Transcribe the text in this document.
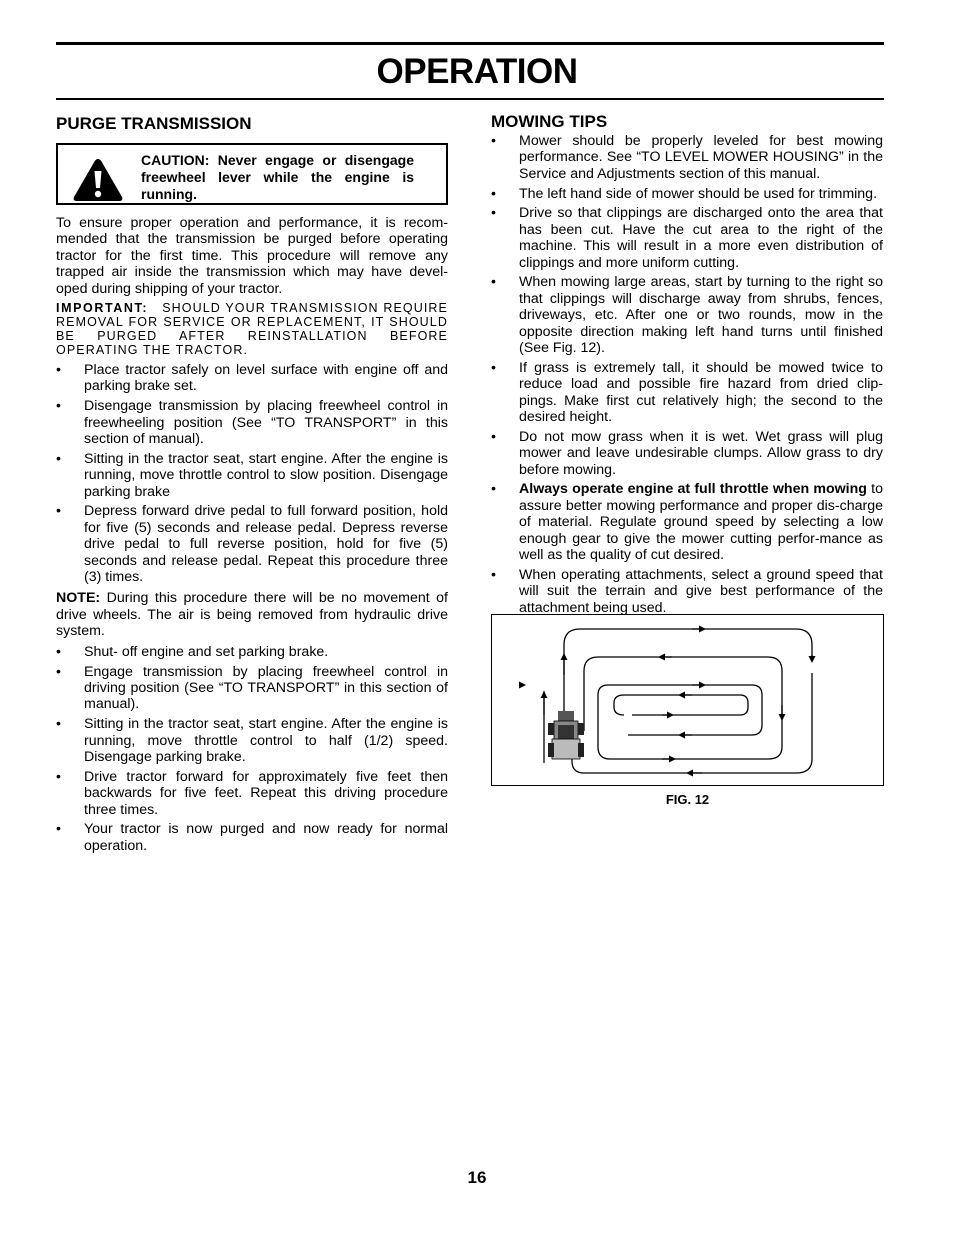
OPERATION
PURGE TRANSMISSION
CAUTION: Never engage or disengage freewheel lever while the engine is running.

To ensure proper operation and performance, it is recom-mended that the transmission be purged before operating tractor for the first time. This procedure will remove any trapped air inside the transmission which may have devel-oped during shipping of your tractor.

IMPORTANT: SHOULD YOUR TRANSMISSION REQUIRE REMOVAL FOR SERVICE OR REPLACEMENT, IT SHOULD BE PURGED AFTER REINSTALLATION BEFORE OPERATING THE TRACTOR.
• Place tractor safely on level surface with engine off and parking brake set.
• Disengage transmission by placing freewheel control in freewheeling position (See “TO TRANSPORT” in this section of manual).
• Sitting in the tractor seat, start engine. After the engine is running, move throttle control to slow position. Disengage parking brake
• Depress forward drive pedal to full forward position, hold for five (5) seconds and release pedal. Depress reverse drive pedal to full reverse position, hold for five (5) seconds and release pedal. Repeat this procedure three (3) times.

NOTE: During this procedure there will be no movement of drive wheels. The air is being removed from hydraulic drive system.

• Shut- off engine and set parking brake.
• Engage transmission by placing freewheel control in driving position (See “TO TRANSPORT” in this section of manual).
• Sitting in the tractor seat, start engine. After the engine is running, move throttle control to half (1/2) speed. Disengage parking brake.
• Drive tractor forward for approximately five feet then backwards for five feet. Repeat this driving procedure three times.
• Your tractor is now purged and now ready for normal operation.
MOWING TIPS
• Mower should be properly leveled for best mowing performance. See “TO LEVEL MOWER HOUSING” in the Service and Adjustments section of this manual.
• The left hand side of mower should be used for trimming.
• Drive so that clippings are discharged onto the area that has been cut. Have the cut area to the right of the machine. This will result in a more even distribution of clippings and more uniform cutting.
• When mowing large areas, start by turning to the right so that clippings will discharge away from shrubs, fences, driveways, etc. After one or two rounds, mow in the opposite direction making left hand turns until finished (See Fig. 12).
• If grass is extremely tall, it should be mowed twice to reduce load and possible fire hazard from dried clip-pings. Make first cut relatively high; the second to the desired height.
• Do not mow grass when it is wet. Wet grass will plug mower and leave undesirable clumps. Allow grass to dry before mowing.
• Always operate engine at full throttle when mowing to assure better mowing performance and proper dis-charge of material. Regulate ground speed by selecting a low enough gear to give the mower cutting perfor-mance as well as the quality of cut desired.
• When operating attachments, select a ground speed that will suit the terrain and give best performance of the attachment being used.
FIG. 12
16
